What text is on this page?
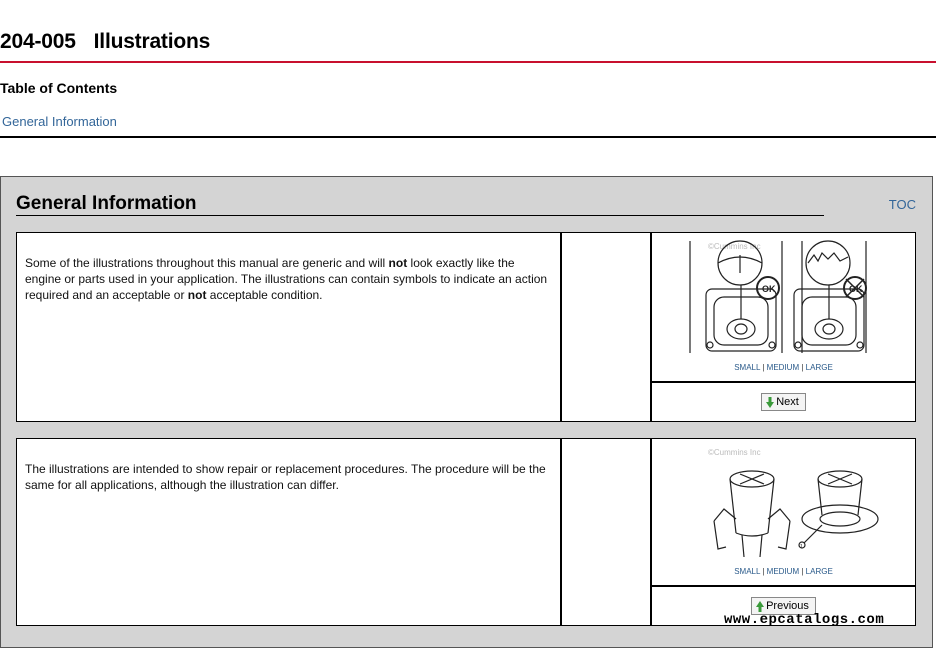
204-005 Illustrations
Table of Contents
General Information
General Information	TOC
Some of the illustrations throughout this manual are generic and will not look exactly like the engine or parts used in your application. The illustrations can contain symbols to indicate an action required and an acceptable or not acceptable condition.
©Cummins Inc
OK	OK
SMALL | MEDIUM | LARGE
Next
The illustrations are intended to show repair or replacement procedures. The procedure will be the same for all applications, although the illustration can differ.
©Cummins Inc
1
SMALL | MEDIUM | LARGE
Previous
www.epcatalogs.com
